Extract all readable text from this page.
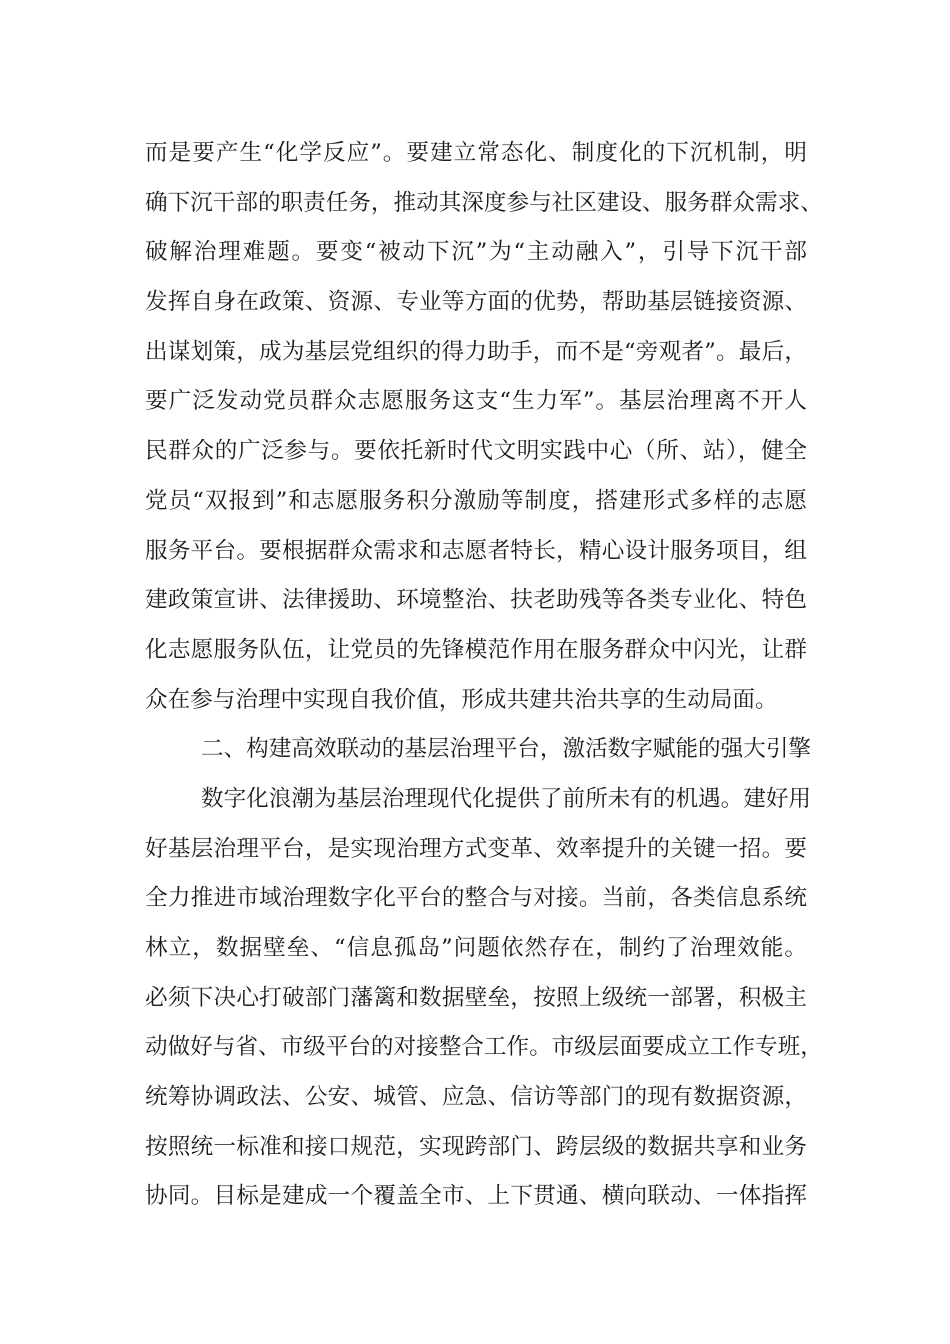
而是要产生“化学反应”。要建立常态化、制度化的下沉机制，明
确下沉干部的职责任务，推动其深度参与社区建设、服务群众需求、
破解治理难题。要变“被动下沉”为“主动融入”，引导下沉干部
发挥自身在政策、资源、专业等方面的优势，帮助基层链接资源、
出谋划策，成为基层党组织的得力助手，而不是“旁观者”。最后，
要广泛发动党员群众志愿服务这支“生力军”。基层治理离不开人
民群众的广泛参与。要依托新时代文明实践中心（所、站），健全
党员“双报到”和志愿服务积分激励等制度，搭建形式多样的志愿
服务平台。要根据群众需求和志愿者特长，精心设计服务项目，组
建政策宣讲、法律援助、环境整治、扶老助残等各类专业化、特色
化志愿服务队伍，让党员的先锋模范作用在服务群众中闪光，让群
众在参与治理中实现自我价值，形成共建共治共享的生动局面。
二、构建高效联动的基层治理平台，激活数字赋能的强大引擎
数字化浪潮为基层治理现代化提供了前所未有的机遇。建好用
好基层治理平台，是实现治理方式变革、效率提升的关键一招。要
全力推进市域治理数字化平台的整合与对接。当前，各类信息系统
林立，数据壁垒、“信息孤岛”问题依然存在，制约了治理效能。
必须下决心打破部门藩篱和数据壁垒，按照上级统一部署，积极主
动做好与省、市级平台的对接整合工作。市级层面要成立工作专班，
统筹协调政法、公安、城管、应急、信访等部门的现有数据资源，
按照统一标准和接口规范，实现跨部门、跨层级的数据共享和业务
协同。目标是建成一个覆盖全市、上下贯通、横向联动、一体指挥
